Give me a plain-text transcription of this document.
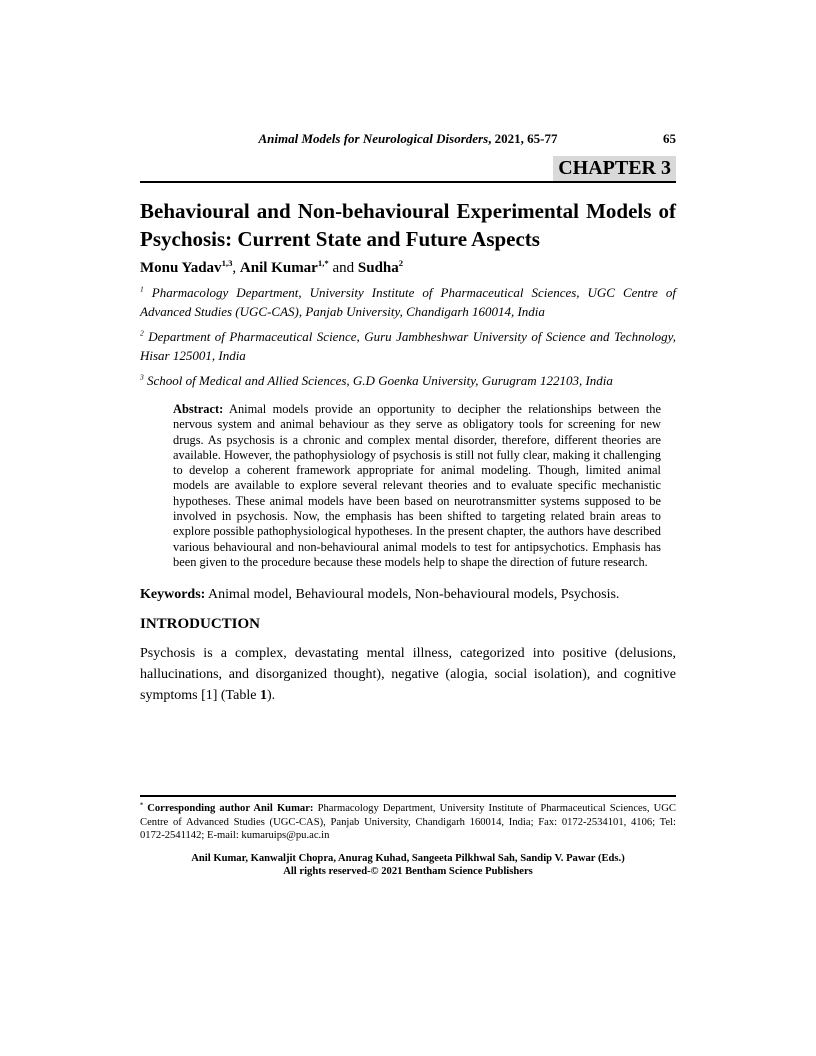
Animal Models for Neurological Disorders, 2021, 65-77	65
CHAPTER 3
Behavioural and Non-behavioural Experimental Models of Psychosis: Current State and Future Aspects
Monu Yadav$^{1,3}$, Anil Kumar$^{1,*}$ and Sudha$^2$
$^1$ Pharmacology Department, University Institute of Pharmaceutical Sciences, UGC Centre of Advanced Studies (UGC-CAS), Panjab University, Chandigarh 160014, India
$^2$ Department of Pharmaceutical Science, Guru Jambheshwar University of Science and Technology, Hisar 125001, India
$^3$ School of Medical and Allied Sciences, G.D Goenka University, Gurugram 122103, India
Abstract: Animal models provide an opportunity to decipher the relationships between the nervous system and animal behaviour as they serve as obligatory tools for screening for new drugs. As psychosis is a chronic and complex mental disorder, therefore, different theories are available. However, the pathophysiology of psychosis is still not fully clear, making it challenging to develop a coherent framework appropriate for animal modeling. Though, limited animal models are available to explore several relevant theories and to evaluate specific mechanistic hypotheses. These animal models have been based on neurotransmitter systems supposed to be involved in psychosis. Now, the emphasis has been shifted to targeting related brain areas to explore possible pathophysiological hypotheses. In the present chapter, the authors have described various behavioural and non-behavioural animal models to test for antipsychotics. Emphasis has been given to the procedure because these models help to shape the direction of future research.
Keywords: Animal model, Behavioural models, Non-behavioural models, Psychosis.
INTRODUCTION
Psychosis is a complex, devastating mental illness, categorized into positive (delusions, hallucinations, and disorganized thought), negative (alogia, social isolation), and cognitive symptoms [1] (Table 1).
* Corresponding author Anil Kumar: Pharmacology Department, University Institute of Pharmaceutical Sciences, UGC Centre of Advanced Studies (UGC-CAS), Panjab University, Chandigarh 160014, India; Fax: 0172-2534101, 4106; Tel: 0172-2541142; E-mail: kumaruips@pu.ac.in
Anil Kumar, Kanwaljit Chopra, Anurag Kuhad, Sangeeta Pilkhwal Sah, Sandip V. Pawar (Eds.)
All rights reserved-© 2021 Bentham Science Publishers
